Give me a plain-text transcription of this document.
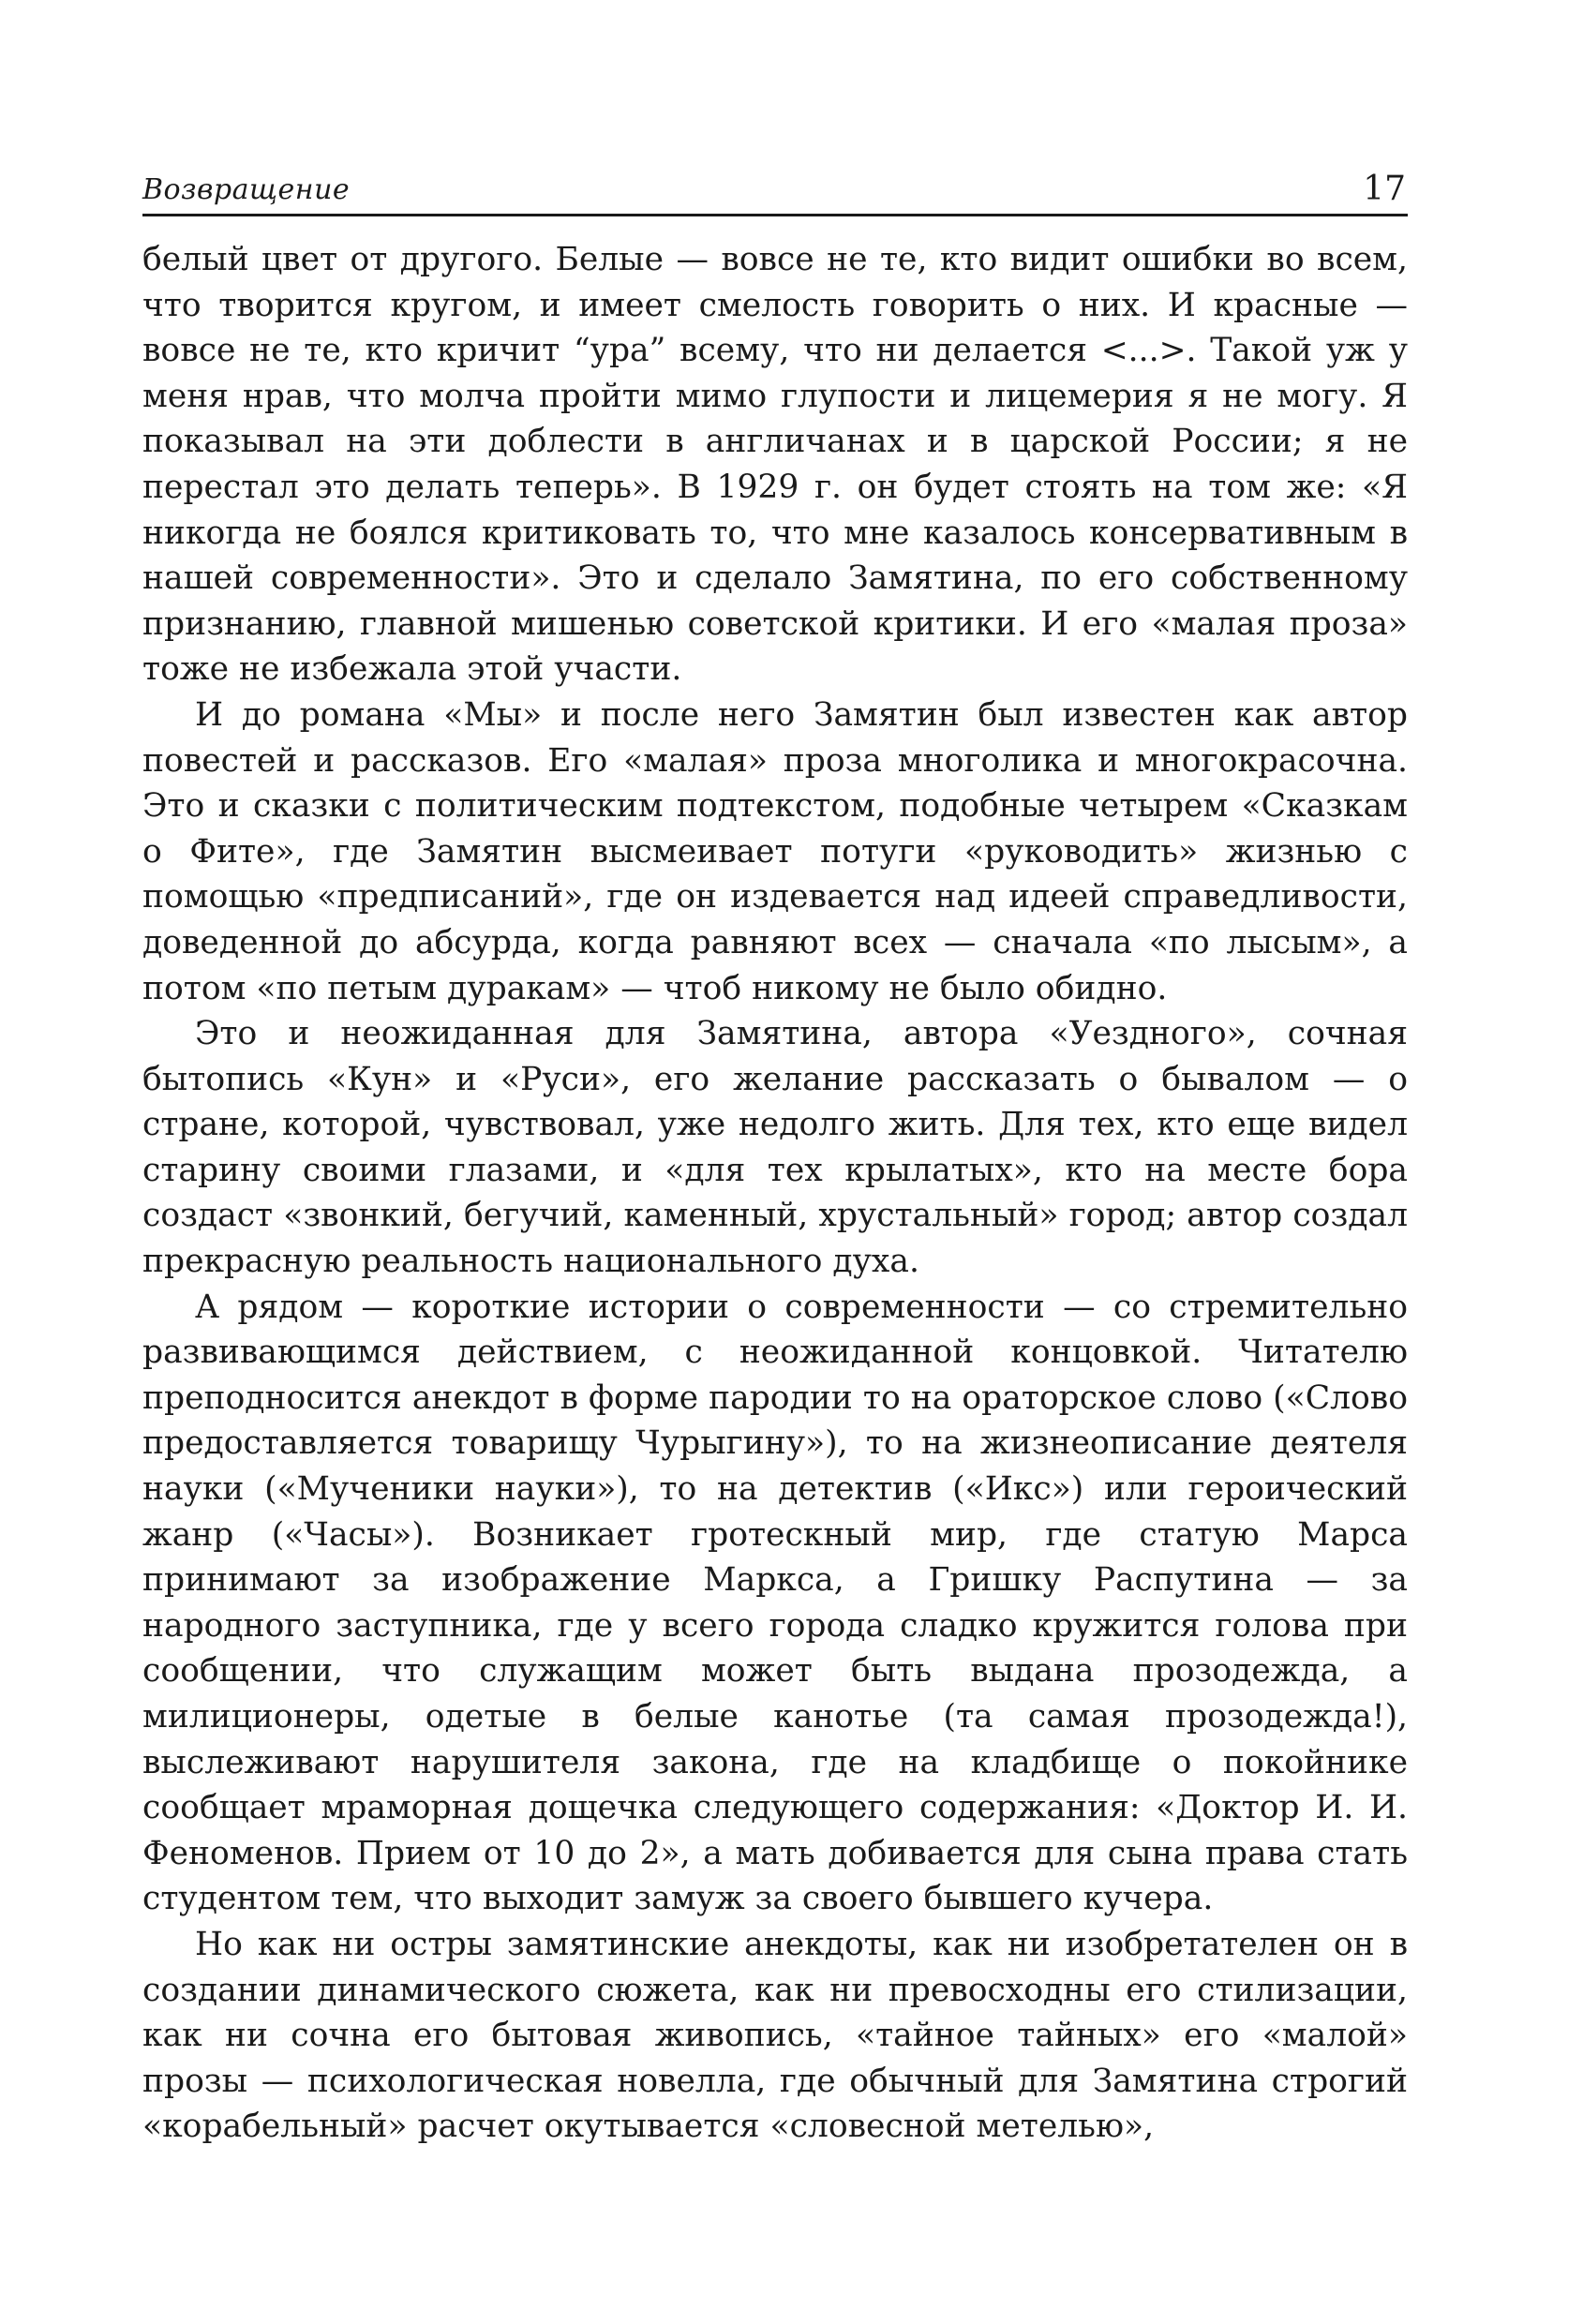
Возвращение	17

белый цвет от другого. Белые — вовсе не те, кто видит ошибки во всем, что творится кругом, и имеет смелость говорить о них. И красные — вовсе не те, кто кричит “ура” всему, что ни делается <...>. Такой уж у меня нрав, что молча пройти мимо глупости и лицемерия я не могу. Я показывал на эти доблести в англичанах и в царской России; я не перестал это делать теперь». В 1929 г. он будет стоять на том же: «Я никогда не боялся критиковать то, что мне казалось консервативным в нашей современности». Это и сделало Замятина, по его собственному признанию, главной мишенью советской критики. И его «малая проза» тоже не избежала этой участи.

И до романа «Мы» и после него Замятин был известен как автор повестей и рассказов. Его «малая» проза многолика и многокрасочна. Это и сказки с политическим подтекстом, подобные четырем «Сказкам о Фите», где Замятин высмеивает потуги «руководить» жизнью с помощью «предписаний», где он издевается над идеей справедливости, доведенной до абсурда, когда равняют всех — сначала «по лысым», а потом «по петым дуракам» — чтоб никому не было обидно.

Это и неожиданная для Замятина, автора «Уездного», сочная бытопись «Кун» и «Руси», его желание рассказать о бывалом — о стране, которой, чувствовал, уже недолго жить. Для тех, кто еще видел старину своими глазами, и «для тех крылатых», кто на месте бора создаст «звонкий, бегучий, каменный, хрустальный» город; автор создал прекрасную реальность национального духа.

А рядом — короткие истории о современности — со стремительно развивающимся действием, с неожиданной концовкой. Читателю преподносится анекдот в форме пародии то на ораторское слово («Слово предоставляется товарищу Чурыгину»), то на жизнеописание деятеля науки («Мученики науки»), то на детектив («Икс») или героический жанр («Часы»). Возникает гротескный мир, где статую Марса принимают за изображение Маркса, а Гришку Распутина — за народного заступника, где у всего города сладко кружится голова при сообщении, что служащим может быть выдана прозодежда, а милиционеры, одетые в белые канотье (та самая прозодежда!), выслеживают нарушителя закона, где на кладбище о покойнике сообщает мраморная дощечка следующего содержания: «Доктор И. И. Феноменов. Прием от 10 до 2», а мать добивается для сына права стать студентом тем, что выходит замуж за своего бывшего кучера.

Но как ни остры замятинские анекдоты, как ни изобретателен он в создании динамического сюжета, как ни превосходны его стилизации, как ни сочна его бытовая живопись, «тайное тайных» его «малой» прозы — психологическая новелла, где обычный для Замятина строгий «корабельный» расчет окутывается «словесной метелью»,
